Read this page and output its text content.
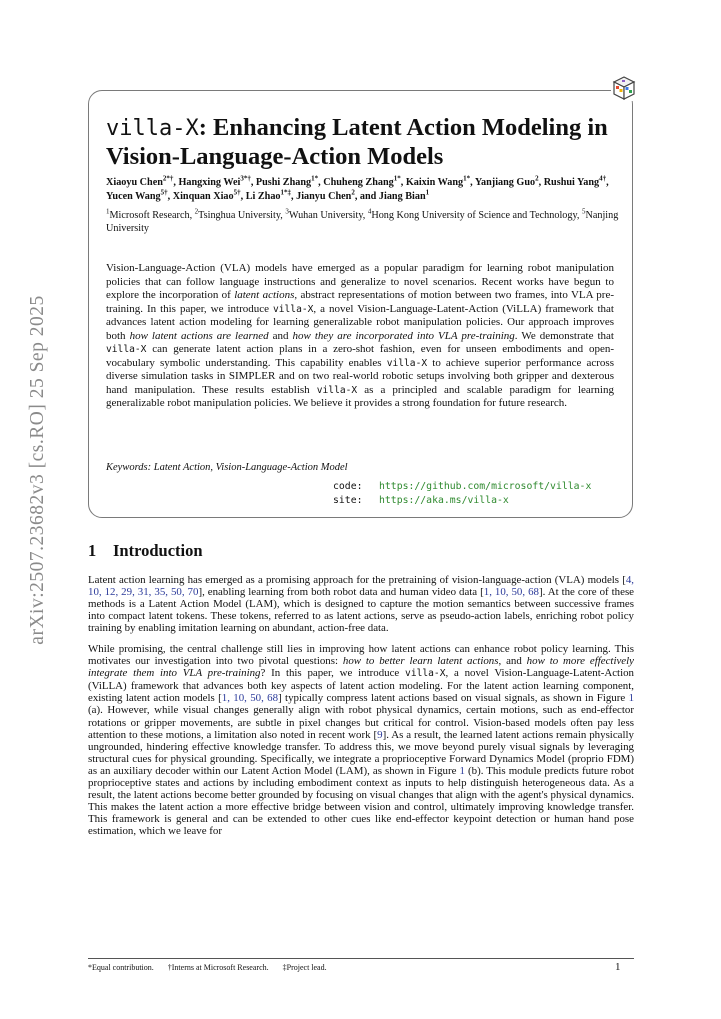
arXiv:2507.23682v3 [cs.RO] 25 Sep 2025
villa-X: Enhancing Latent Action Modeling in Vision-Language-Action Models
Xiaoyu Chen$^{2*\dagger}$, Hangxing Wei$^{3*\dagger}$, Pushi Zhang$^{1*}$, Chuheng Zhang$^{1*}$, Kaixin Wang$^{1*}$, Yanjiang Guo$^2$, Rushui Yang$^{4\dagger}$, Yucen Wang$^{5\dagger}$, Xinquan Xiao$^{5\dagger}$, Li Zhao$^{1*\ddagger}$, Jianyu Chen$^2$, and Jiang Bian$^1$
$^1$Microsoft Research, $^2$Tsinghua University, $^3$Wuhan University, $^4$Hong Kong University of Science and Technology, $^5$Nanjing University
Vision-Language-Action (VLA) models have emerged as a popular paradigm for learning robot manipulation policies that can follow language instructions and generalize to novel scenarios. Recent works have begun to explore the incorporation of latent actions, abstract representations of motion between two frames, into VLA pre-training. In this paper, we introduce villa-X, a novel Vision-Language-Latent-Action (ViLLA) framework that advances latent action modeling for learning generalizable robot manipulation policies. Our approach improves both how latent actions are learned and how they are incorporated into VLA pre-training. We demonstrate that villa-X can generate latent action plans in a zero-shot fashion, even for unseen embodiments and open-vocabulary symbolic understanding. This capability enables villa-X to achieve superior performance across diverse simulation tasks in SIMPLER and on two real-world robotic setups involving both gripper and dexterous hand manipulation. These results establish villa-X as a principled and scalable paradigm for learning generalizable robot manipulation policies. We believe it provides a strong foundation for future research.
Keywords: Latent Action, Vision-Language-Action Model
code: https://github.com/microsoft/villa-x
site: https://aka.ms/villa-x
1 Introduction
Latent action learning has emerged as a promising approach for the pretraining of vision-language-action (VLA) models [4, 10, 12, 29, 31, 35, 50, 70], enabling learning from both robot data and human video data [1, 10, 50, 68]. At the core of these methods is a Latent Action Model (LAM), which is designed to capture the motion semantics between successive frames into compact latent tokens. These tokens, referred to as latent actions, serve as pseudo-action labels, enriching robot policy training by enabling imitation learning on abundant, action-free data.
While promising, the central challenge still lies in improving how latent actions can enhance robot policy learning. This motivates our investigation into two pivotal questions: how to better learn latent actions, and how to more effectively integrate them into VLA pre-training? In this paper, we introduce villa-X, a novel Vision-Language-Latent-Action (ViLLA) framework that advances both key aspects of latent action modeling. For the latent action learning component, existing latent action models [1, 10, 50, 68] typically compress latent actions based on visual signals, as shown in Figure 1 (a). However, while visual changes generally align with robot physical dynamics, certain motions, such as end-effector rotations or gripper movements, are subtle in pixel changes but critical for control. Vision-based models often pay less attention to these motions, a limitation also noted in recent work [9]. As a result, the learned latent actions remain physically ungrounded, hindering effective knowledge transfer. To address this, we move beyond purely visual signals by leveraging structural cues for physical grounding. Specifically, we integrate a proprioceptive Forward Dynamics Model (proprio FDM) as an auxiliary decoder within our Latent Action Model (LAM), as shown in Figure 1 (b). This module predicts future robot proprioceptive states and actions by including embodiment context as inputs to help distinguish heterogeneous data. As a result, the latent actions become better grounded by focusing on visual changes that align with the agent's physical dynamics. This makes the latent action a more effective bridge between vision and control, ultimately improving knowledge transfer. This framework is general and can be extended to other cues like end-effector keypoint detection or human hand pose estimation, which we leave for
*Equal contribution. †Interns at Microsoft Research. ‡Project lead.	1
